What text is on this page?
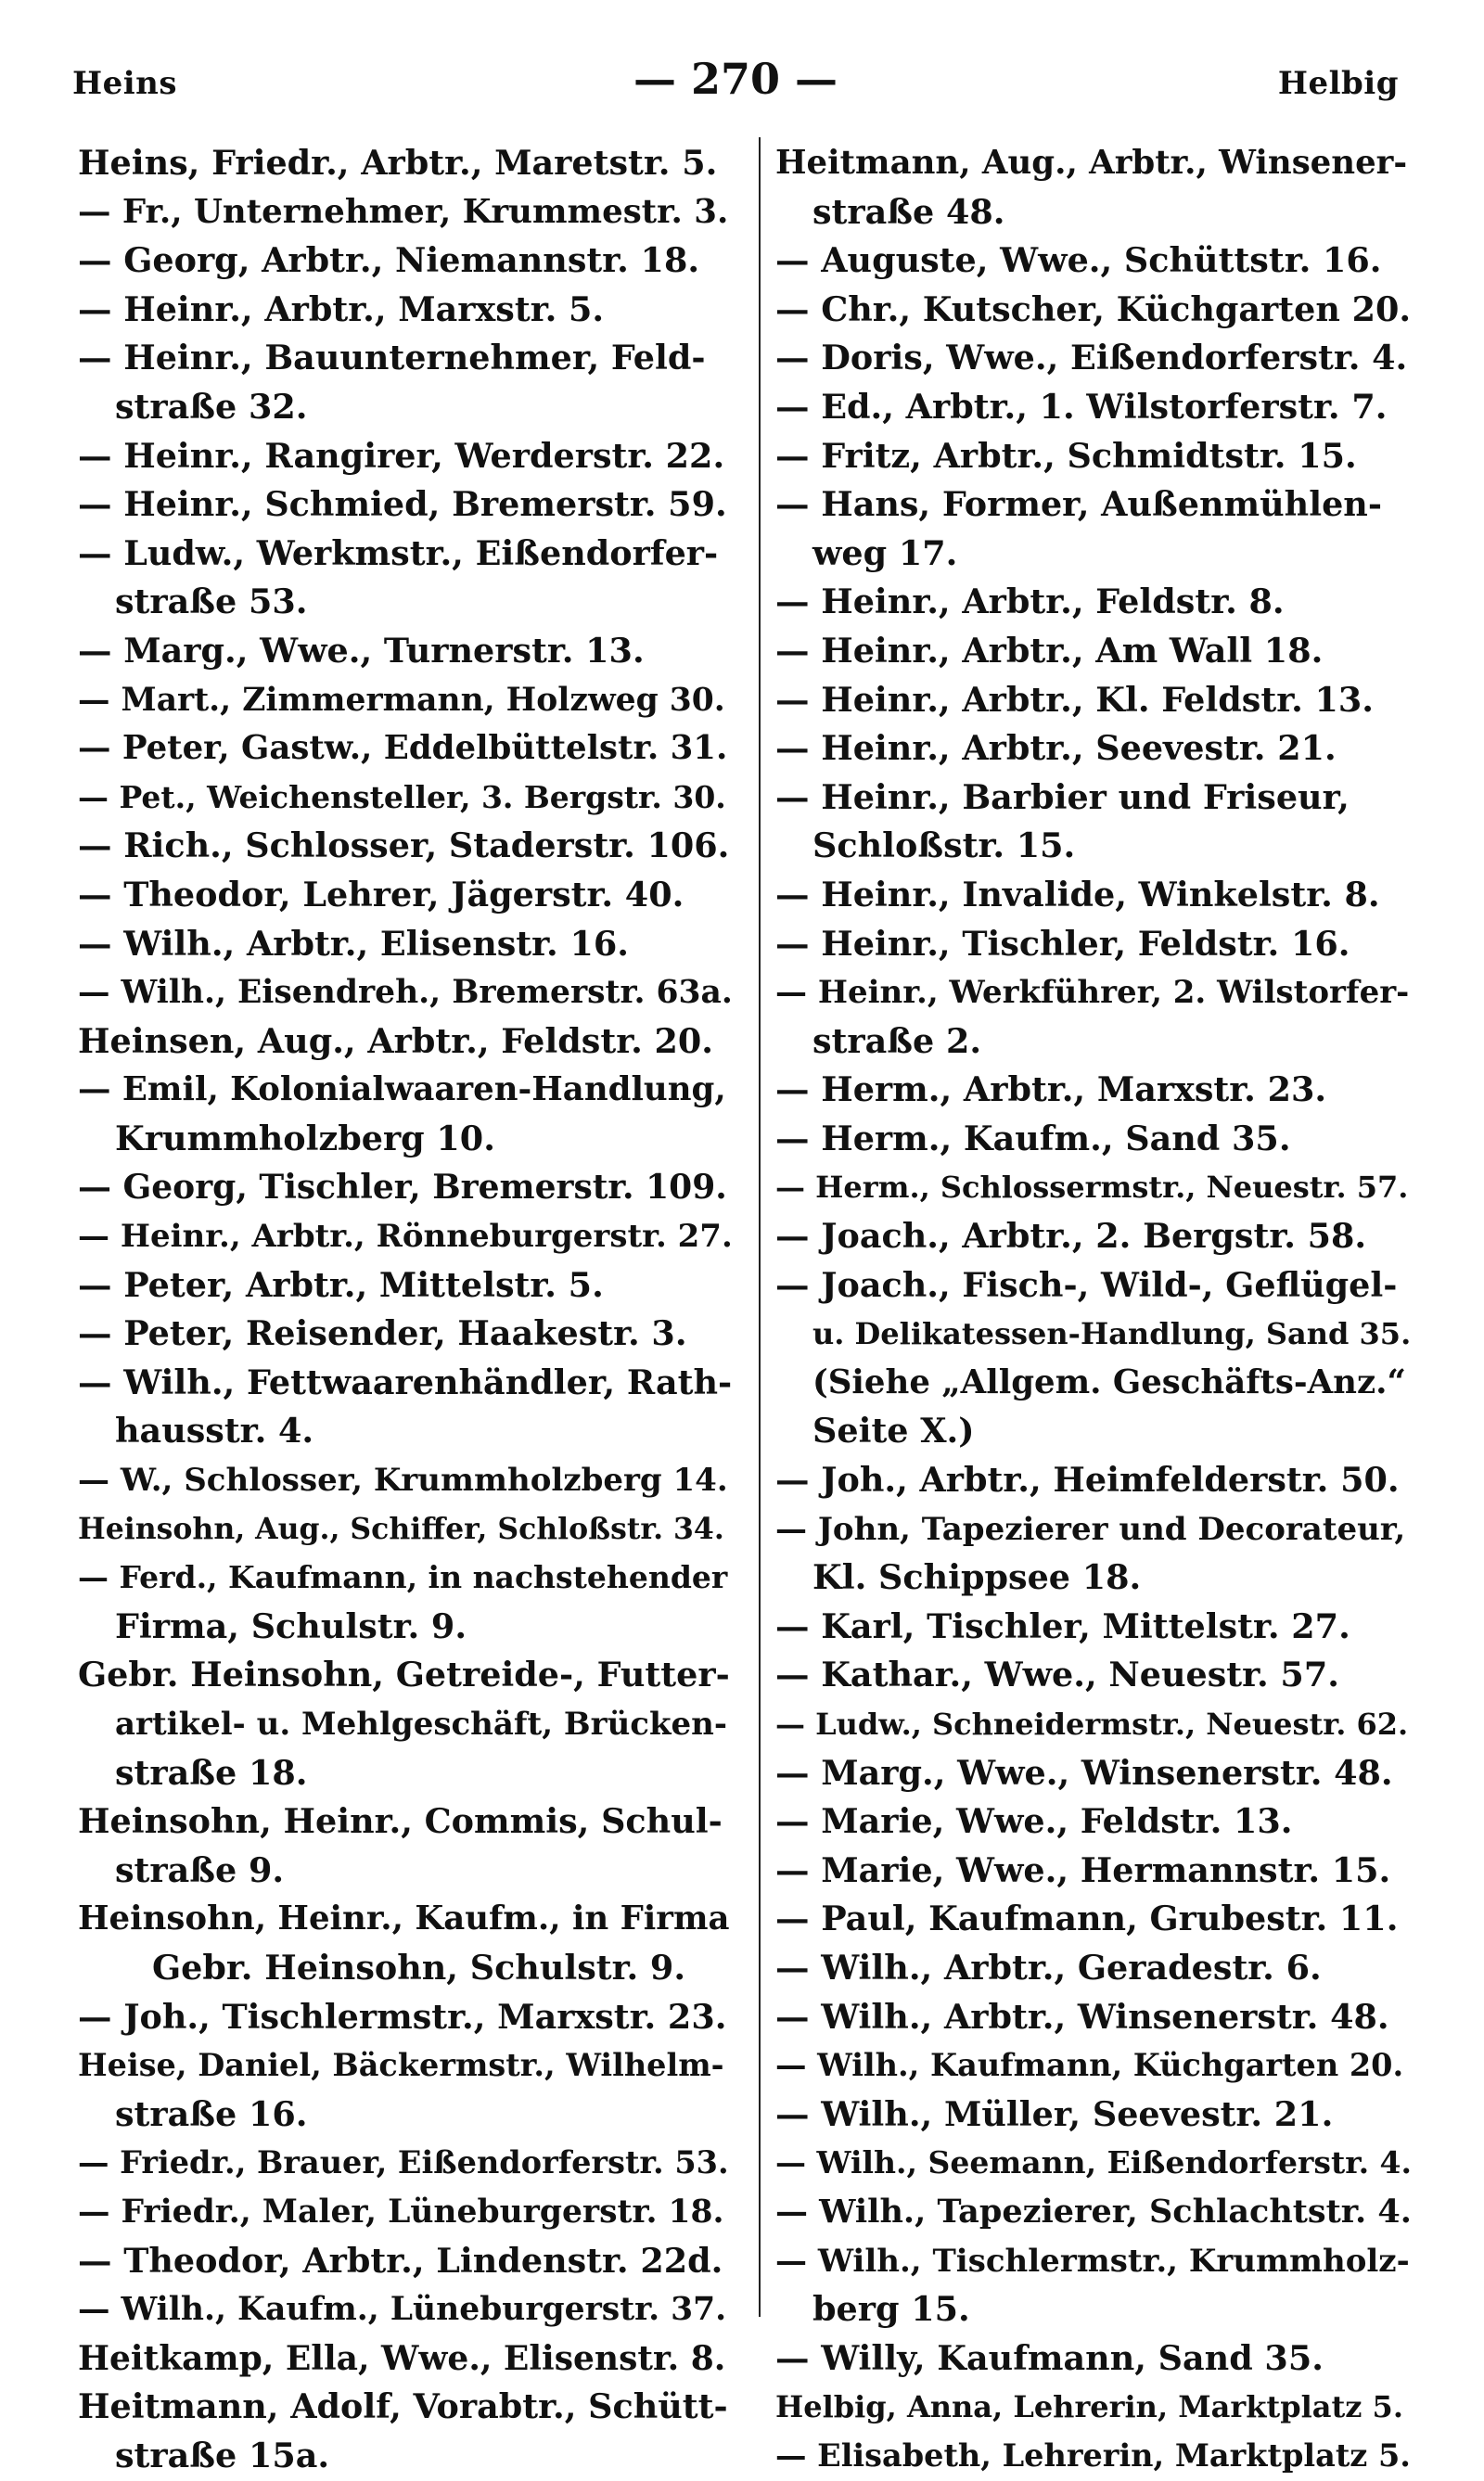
Heins	— 270 —	Helbig
Heins, Friedr., Arbtr., Maretstr. 5.
— Fr., Unternehmer, Krummestr. 3.
— Georg, Arbtr., Niemannstr. 18.
— Heinr., Arbtr., Marxstr. 5.
— Heinr., Bauunternehmer, Feld-
straße 32.
— Heinr., Rangirer, Werderstr. 22.
— Heinr., Schmied, Bremerstr. 59.
— Ludw., Werkmstr., Eißendorfer-
straße 53.
— Marg., Wwe., Turnerstr. 13.
— Mart., Zimmermann, Holzweg 30.
— Peter, Gastw., Eddelbüttelstr. 31.
— Pet., Weichensteller, 3. Bergstr. 30.
— Rich., Schlosser, Staderstr. 106.
— Theodor, Lehrer, Jägerstr. 40.
— Wilh., Arbtr., Elisenstr. 16.
— Wilh., Eisendreh., Bremerstr. 63a.
Heinsen, Aug., Arbtr., Feldstr. 20.
— Emil, Kolonialwaaren-Handlung,
Krummholzberg 10.
— Georg, Tischler, Bremerstr. 109.
— Heinr., Arbtr., Rönneburgerstr. 27.
— Peter, Arbtr., Mittelstr. 5.
— Peter, Reisender, Haakestr. 3.
— Wilh., Fettwaarenhändler, Rath-
hausstr. 4.
— W., Schlosser, Krummholzberg 14.
Heinsohn, Aug., Schiffer, Schloßstr. 34.
— Ferd., Kaufmann, in nachstehender
Firma, Schulstr. 9.
Gebr. Heinsohn, Getreide-, Futter-
artikel- u. Mehlgeschäft, Brücken-
straße 18.
Heinsohn, Heinr., Commis, Schul-
straße 9.
Heinsohn, Heinr., Kaufm., in Firma
Gebr. Heinsohn, Schulstr. 9.
— Joh., Tischlermstr., Marxstr. 23.
Heise, Daniel, Bäckermstr., Wilhelm-
straße 16.
— Friedr., Brauer, Eißendorferstr. 53.
— Friedr., Maler, Lüneburgerstr. 18.
— Theodor, Arbtr., Lindenstr. 22d.
— Wilh., Kaufm., Lüneburgerstr. 37.
Heitkamp, Ella, Wwe., Elisenstr. 8.
Heitmann, Adolf, Vorabtr., Schütt-
straße 15a.
Heitmann, Aug., Arbtr., Winsener-
straße 48.
— Auguste, Wwe., Schüttstr. 16.
— Chr., Kutscher, Küchgarten 20.
— Doris, Wwe., Eißendorferstr. 4.
— Ed., Arbtr., 1. Wilstorferstr. 7.
— Fritz, Arbtr., Schmidtstr. 15.
— Hans, Former, Außenmühlen-
weg 17.
— Heinr., Arbtr., Feldstr. 8.
— Heinr., Arbtr., Am Wall 18.
— Heinr., Arbtr., Kl. Feldstr. 13.
— Heinr., Arbtr., Seevestr. 21.
— Heinr., Barbier und Friseur,
Schloßstr. 15.
— Heinr., Invalide, Winkelstr. 8.
— Heinr., Tischler, Feldstr. 16.
— Heinr., Werkführer, 2. Wilstorfer-
straße 2.
— Herm., Arbtr., Marxstr. 23.
— Herm., Kaufm., Sand 35.
— Herm., Schlossermstr., Neuestr. 57.
— Joach., Arbtr., 2. Bergstr. 58.
— Joach., Fisch-, Wild-, Geflügel-
u. Delikatessen-Handlung, Sand 35.
(Siehe „Allgem. Geschäfts-Anz.“
Seite X.)
— Joh., Arbtr., Heimfelderstr. 50.
— John, Tapezierer und Decorateur,
Kl. Schippsee 18.
— Karl, Tischler, Mittelstr. 27.
— Kathar., Wwe., Neuestr. 57.
— Ludw., Schneidermstr., Neuestr. 62.
— Marg., Wwe., Winsenerstr. 48.
— Marie, Wwe., Feldstr. 13.
— Marie, Wwe., Hermannstr. 15.
— Paul, Kaufmann, Grubestr. 11.
— Wilh., Arbtr., Geradestr. 6.
— Wilh., Arbtr., Winsenerstr. 48.
— Wilh., Kaufmann, Küchgarten 20.
— Wilh., Müller, Seevestr. 21.
— Wilh., Seemann, Eißendorferstr. 4.
— Wilh., Tapezierer, Schlachtstr. 4.
— Wilh., Tischlermstr., Krummholz-
berg 15.
— Willy, Kaufmann, Sand 35.
Helbig, Anna, Lehrerin, Marktplatz 5.
— Elisabeth, Lehrerin, Marktplatz 5.
